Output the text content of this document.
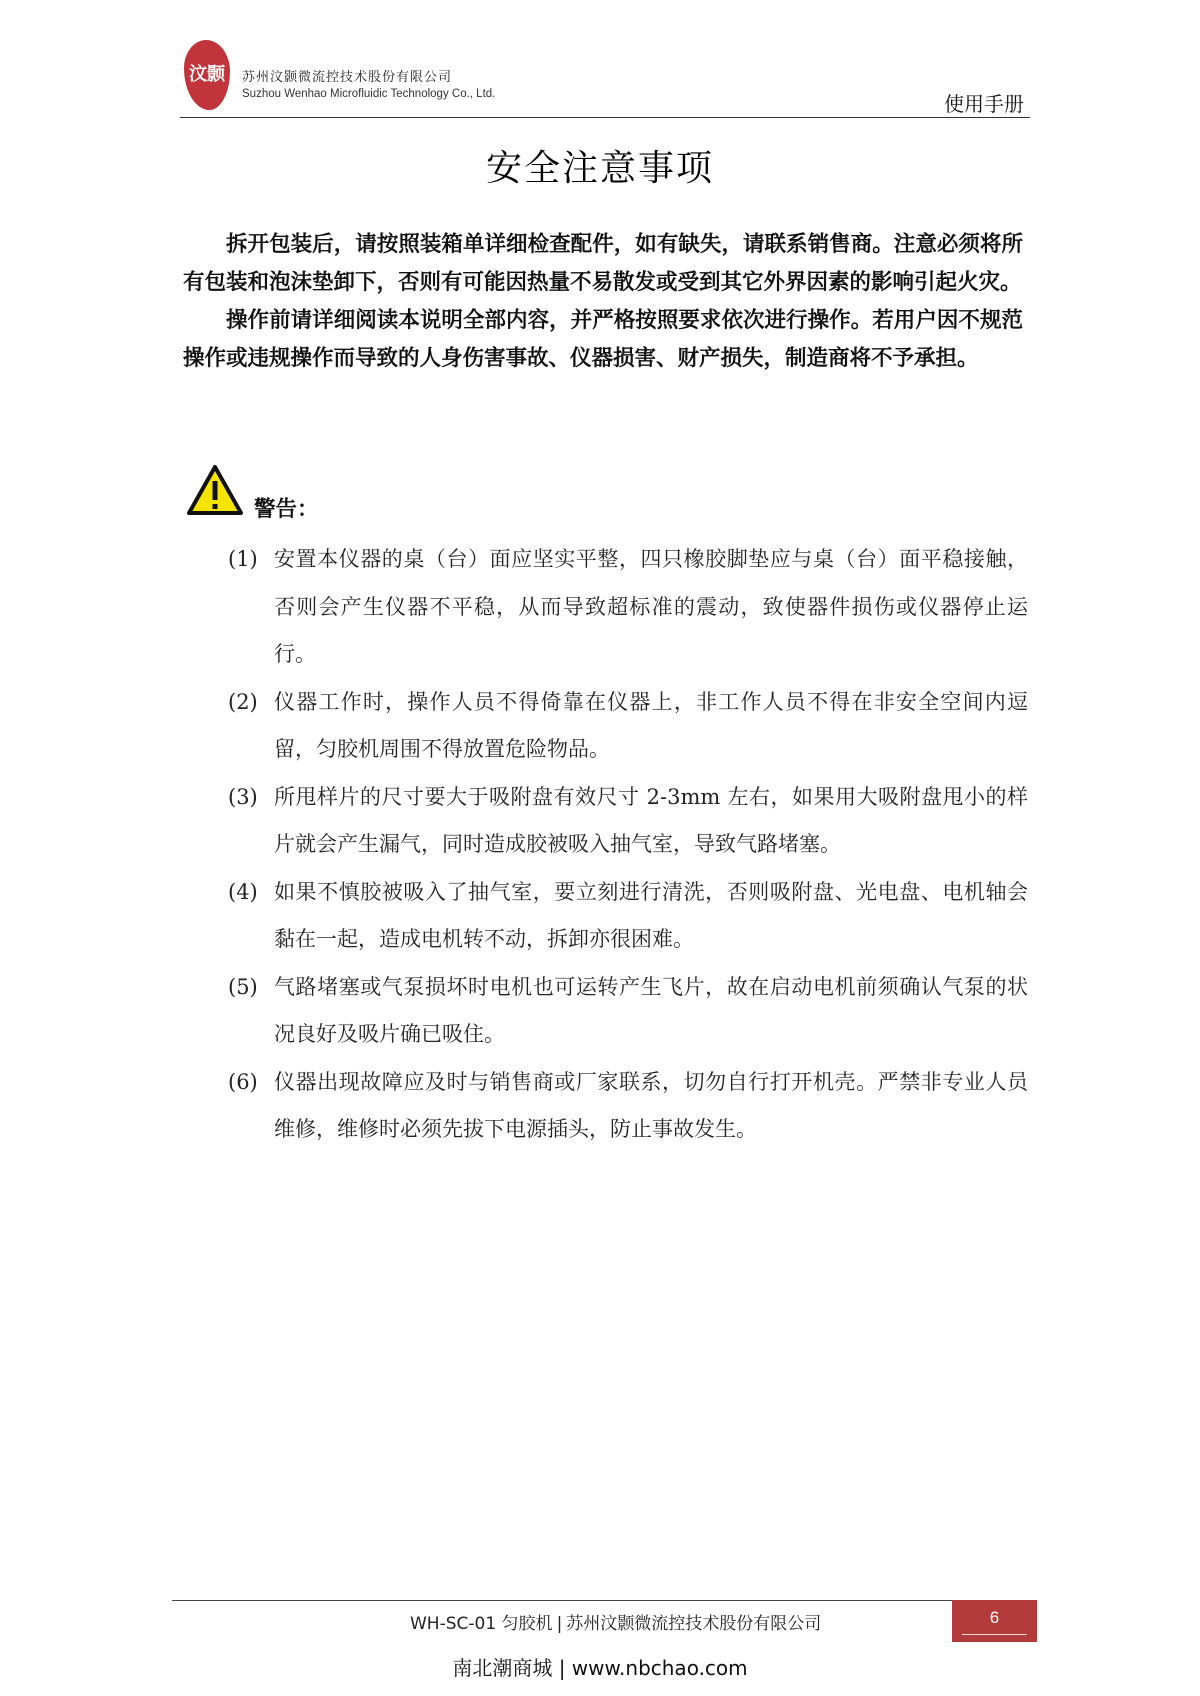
汶颢	苏州汶颢微流控技术股份有限公司
Suzhou Wenhao Microfluidic Technology Co., Ltd.	使用手册
安全注意事项

拆开包装后，请按照装箱单详细检查配件，如有缺失，请联系销售商。注意必须将所有包装和泡沫垫卸下，否则有可能因热量不易散发或受到其它外界因素的影响引起火灾。

操作前请详细阅读本说明全部内容，并严格按照要求依次进行操作。若用户因不规范操作或违规操作而导致的人身伤害事故、仪器损害、财产损失，制造商将不予承担。

警告：
(1) 安置本仪器的桌（台）面应坚实平整，四只橡胶脚垫应与桌（台）面平稳接触，否则会产生仪器不平稳，从而导致超标准的震动，致使器件损伤或仪器停止运行。
(2) 仪器工作时，操作人员不得倚靠在仪器上，非工作人员不得在非安全空间内逗留，匀胶机周围不得放置危险物品。
(3) 所甩样片的尺寸要大于吸附盘有效尺寸 2-3mm 左右，如果用大吸附盘甩小的样片就会产生漏气，同时造成胶被吸入抽气室，导致气路堵塞。
(4) 如果不慎胶被吸入了抽气室，要立刻进行清洗，否则吸附盘、光电盘、电机轴会黏在一起，造成电机转不动，拆卸亦很困难。
(5) 气路堵塞或气泵损坏时电机也可运转产生飞片，故在启动电机前须确认气泵的状况良好及吸片确已吸住。
(6) 仪器出现故障应及时与销售商或厂家联系，切勿自行打开机壳。严禁非专业人员维修，维修时必须先拔下电源插头，防止事故发生。
WH-SC-01 匀胶机 | 苏州汶颢微流控技术股份有限公司	6
南北潮商城 | www.nbchao.com
